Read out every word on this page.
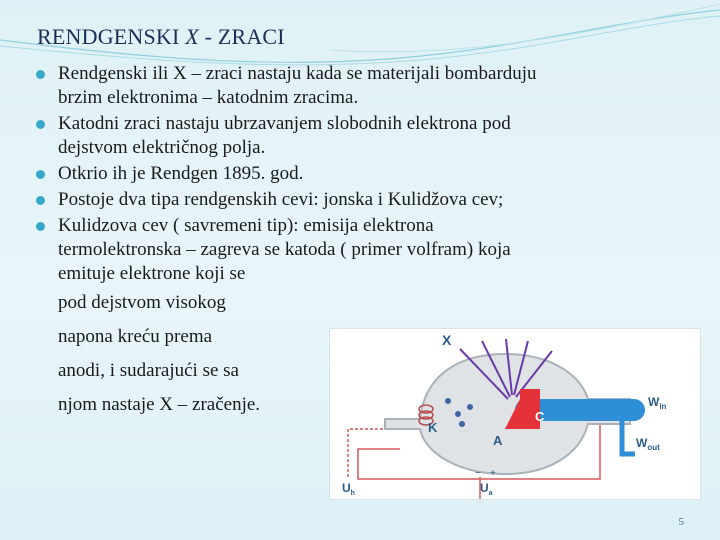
RENDGENSKI X - ZRACI
Rendgenski ili X – zraci nastaju kada se materijali bombarduju
brzim elektronima – katodnim zracima.
Katodni zraci nastaju ubrzavanjem slobodnih elektrona pod
dejstvom električnog polja.
Otkrio ih je Rendgen 1895. god.
Postoje dva tipa rendgenskih cevi: jonska i Kulidžova cev;
Kulidzova cev ( savremeni tip): emisija elektrona
termolektronska – zagreva se katoda ( primer volfram) koja
emituje elektrone koji se
pod dejstvom visokog
napona kreću prema
anodi, i sudarajući se sa
njom nastaje X – zračenje.
X
K
A
C
$W_{in}$
$W_{out}$
$U_h$	$U_a$
− +
5
